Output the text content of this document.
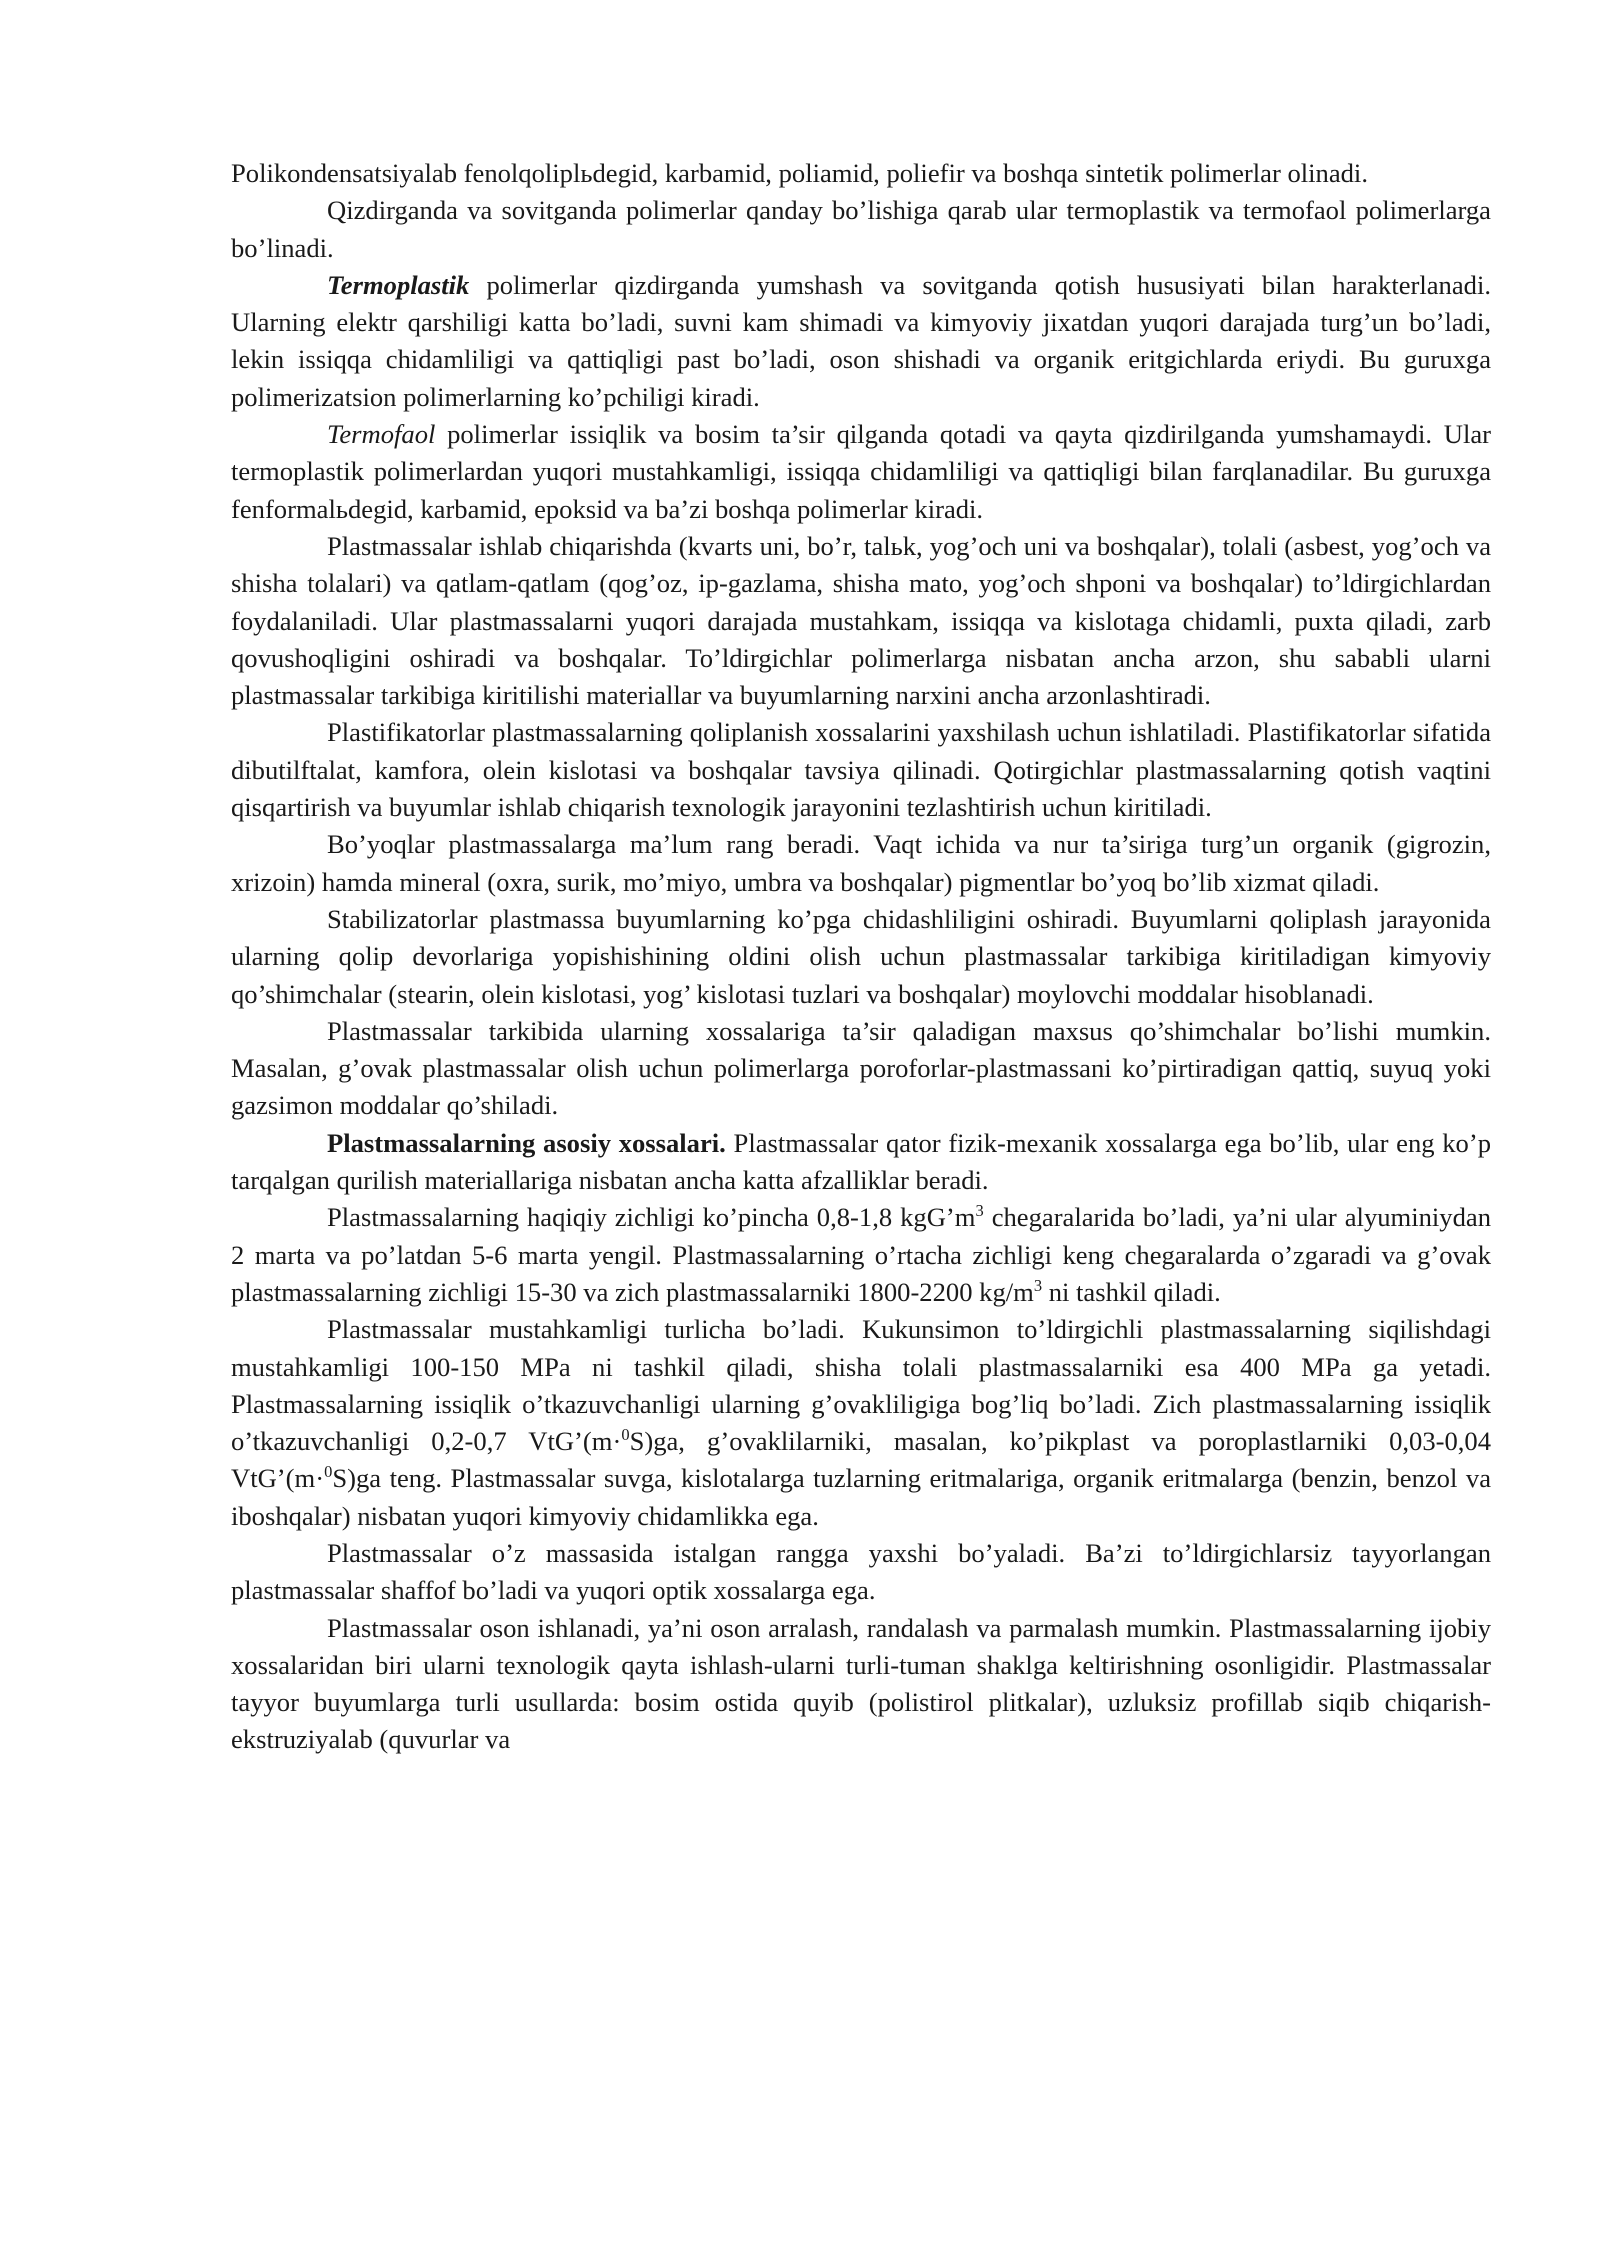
Polikondensatsiyalab fenolqoliplьdegid, karbamid, poliamid, poliefir va boshqa sintetik polimerlar olinadi.

Qizdirganda va sovitganda polimerlar qanday bo’lishiga qarab ular termoplastik va termofaol polimerlarga bo’linadi.

Termoplastik polimerlar qizdirganda yumshash va sovitganda qotish hususiyati bilan harakterlanadi. Ularning elektr qarshiligi katta bo’ladi, suvni kam shimadi va kimyoviy jixatdan yuqori darajada turg’un bo’ladi, lekin issiqqa chidamliligi va qattiqligi past bo’ladi, oson shishadi va organik eritgichlarda eriydi. Bu guruxga polimerizatsion polimerlarning ko’pchiligi kiradi.

Termofaol polimerlar issiqlik va bosim ta’sir qilganda qotadi va qayta qizdirilganda yumshamaydi. Ular termoplastik polimerlardan yuqori mustahkamligi, issiqqa chidamliligi va qattiqligi bilan farqlanadilar. Bu guruxga fenformalьdegid, karbamid, epoksid va ba’zi boshqa polimerlar kiradi.

Plastmassalar ishlab chiqarishda (kvarts uni, bo’r, talьk, yog’och uni va boshqalar), tolali (asbest, yog’och va shisha tolalari) va qatlam-qatlam (qog’oz, ip-gazlama, shisha mato, yog’och shponi va boshqalar) to’ldirgichlardan foydalaniladi. Ular plastmassalarni yuqori darajada mustahkam, issiqqa va kislotaga chidamli, puxta qiladi, zarb qovushoqligini oshiradi va boshqalar. To’ldirgichlar polimerlarga nisbatan ancha arzon, shu sababli ularni plastmassalar tarkibiga kiritilishi materiallar va buyumlarning narxini ancha arzonlashtiradi.

Plastifikatorlar plastmassalarning qoliplanish xossalarini yaxshilash uchun ishlatiladi. Plastifikatorlar sifatida dibutilftalat, kamfora, olein kislotasi va boshqalar tavsiya qilinadi. Qotirgichlar plastmassalarning qotish vaqtini qisqartirish va buyumlar ishlab chiqarish texnologik jarayonini tezlashtirish uchun kiritiladi.

Bo’yoqlar plastmassalarga ma’lum rang beradi. Vaqt ichida va nur ta’siriga turg’un organik (gigrozin, xrizoin) hamda mineral (oxra, surik, mo’miyo, umbra va boshqalar) pigmentlar bo’yoq bo’lib xizmat qiladi.

Stabilizatorlar plastmassa buyumlarning ko’pga chidashliligini oshiradi. Buyumlarni qoliplash jarayonida ularning qolip devorlariga yopishishining oldini olish uchun plastmassalar tarkibiga kiritiladigan kimyoviy qo’shimchalar (stearin, olein kislotasi, yog’ kislotasi tuzlari va boshqalar) moylovchi moddalar hisoblanadi.

Plastmassalar tarkibida ularning xossalariga ta’sir qaladigan maxsus qo’shimchalar bo’lishi mumkin. Masalan, g’ovak plastmassalar olish uchun polimerlarga poroforlar-plastmassani ko’pirtiradigan qattiq, suyuq yoki gazsimon moddalar qo’shiladi.

Plastmassalarning asosiy xossalari. Plastmassalar qator fizik-mexanik xossalarga ega bo’lib, ular eng ko’p tarqalgan qurilish materiallariga nisbatan ancha katta afzalliklar beradi.

Plastmassalarning haqiqiy zichligi ko’pincha 0,8-1,8 $kgG’m^3$ chegaralarida bo’ladi, ya’ni ular alyuminiydan 2 marta va po’latdan 5-6 marta yengil. Plastmassalarning o’rtacha zichligi keng chegaralarda o’zgaradi va g’ovak plastmassalarning zichligi 15-30 va zich plastmassalarniki 1800-2200 $kg/m^3$ ni tashkil qiladi.

Plastmassalar mustahkamligi turlicha bo’ladi. Kukunsimon to’ldirgichli plastmassalarning siqilishdagi mustahkamligi 100-150 MPa ni tashkil qiladi, shisha tolali plastmassalarniki esa 400 MPa ga yetadi. Plastmassalarning issiqlik o’tkazuvchanligi ularning g’ovakliligiga bog’liq bo’ladi. Zich plastmassalarning issiqlik o’tkazuvchanligi 0,2-0,7 VtG’(m·$^0$S)ga, g’ovaklilarniki, masalan, ko’pikplast va poroplastlarniki 0,03-0,04 VtG’(m·$^0$S)ga teng. Plastmassalar suvga, kislotalarga tuzlarning eritmalariga, organik eritmalarga (benzin, benzol va iboshqalar) nisbatan yuqori kimyoviy chidamlikka ega.

Plastmassalar o’z massasida istalgan rangga yaxshi bo’yaladi. Ba’zi to’ldirgichlarsiz tayyorlangan plastmassalar shaffof bo’ladi va yuqori optik xossalarga ega.

Plastmassalar oson ishlanadi, ya’ni oson arralash, randalash va parmalash mumkin. Plastmassalarning ijobiy xossalaridan biri ularni texnologik qayta ishlash-ularni turli-tuman shaklga keltirishning osonligidir. Plastmassalar tayyor buyumlarga turli usullarda: bosim ostida quyib (polistirol plitkalar), uzluksiz profillab siqib chiqarish-ekstruziyalab (quvurlar va
